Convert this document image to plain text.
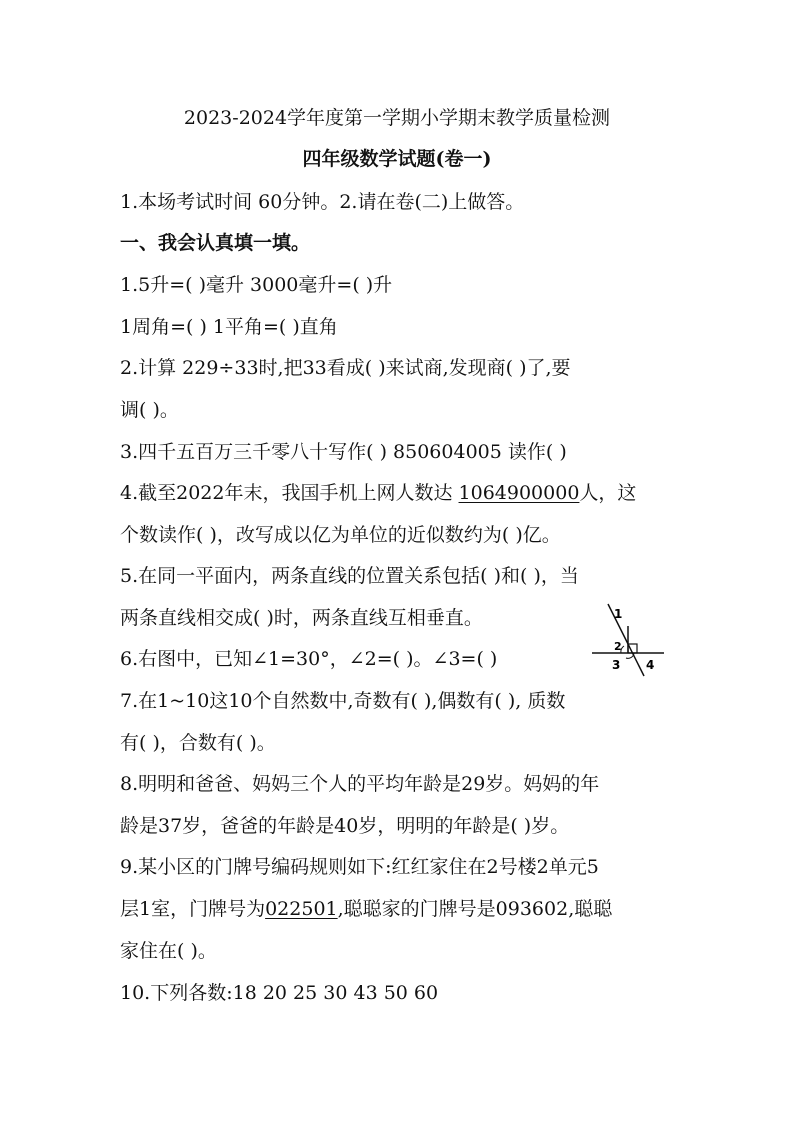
2023-2024学年度第一学期小学期末教学质量检测
四年级数学试题(卷一)
1.本场考试时间 60分钟。2.请在卷(二)上做答。
一、我会认真填一填。
1.5升=( )毫升 3000毫升=( )升
1周角=( ) 1平角=( )直角
2.计算 229÷33时,把33看成( )来试商,发现商( )了,要
调( )。
3.四千五百万三千零八十写作( ) 850604005 读作( )
4.截至2022年末，我国手机上网人数达 1064900000人，这
个数读作( )，改写成以亿为单位的近似数约为( )亿。
5.在同一平面内，两条直线的位置关系包括( )和( )，当
两条直线相交成( )时，两条直线互相垂直。
6.右图中，已知∠1=30°，∠2=( )。∠3=( )
1
2
3 4
7.在1~10这10个自然数中,奇数有( ),偶数有( ), 质数
有( )，合数有( )。
8.明明和爸爸、妈妈三个人的平均年龄是29岁。妈妈的年
龄是37岁，爸爸的年龄是40岁，明明的年龄是( )岁。
9.某小区的门牌号编码规则如下:红红家住在2号楼2单元5
层1室，门牌号为022501,聪聪家的门牌号是093602,聪聪
家住在( )。
10.下列各数:18 20 25 30 43 50 60
